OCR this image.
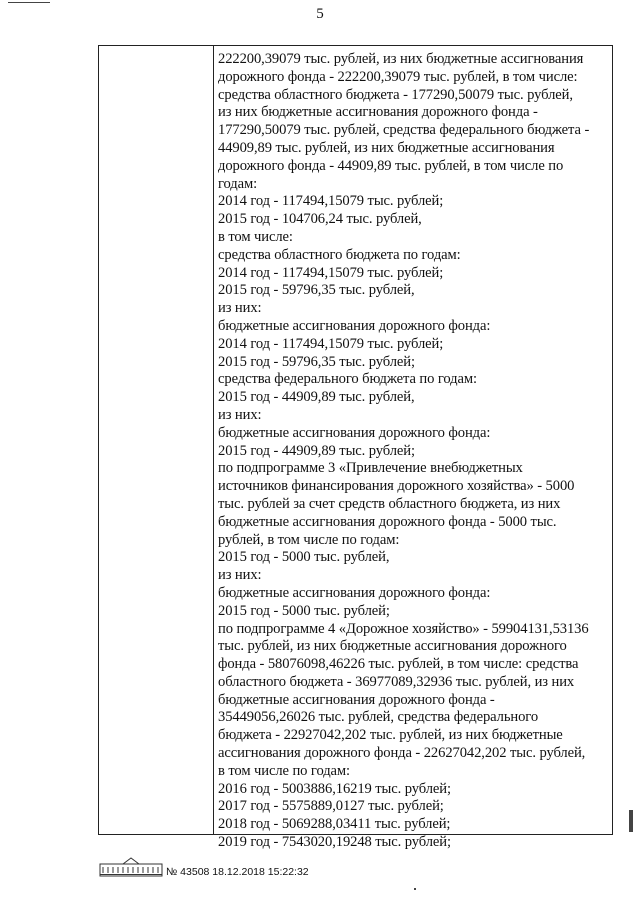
5
222200,39079 тыс. рублей, из них бюджетные ассигнования
дорожного фонда - 222200,39079 тыс. рублей, в том числе:
средства областного бюджета - 177290,50079 тыс. рублей,
из них бюджетные ассигнования дорожного фонда -
177290,50079 тыс. рублей, средства федерального бюджета -
44909,89 тыс. рублей, из них бюджетные ассигнования
дорожного фонда - 44909,89 тыс. рублей, в том числе по
годам:
2014 год - 117494,15079 тыс. рублей;
2015 год - 104706,24 тыс. рублей,
в том числе:
средства областного бюджета по годам:
2014 год - 117494,15079 тыс. рублей;
2015 год - 59796,35 тыс. рублей,
из них:
бюджетные ассигнования дорожного фонда:
2014 год - 117494,15079 тыс. рублей;
2015 год - 59796,35 тыс. рублей;
средства федерального бюджета по годам:
2015 год - 44909,89 тыс. рублей,
из них:
бюджетные ассигнования дорожного фонда:
2015 год - 44909,89 тыс. рублей;
по подпрограмме 3 «Привлечение внебюджетных
источников финансирования дорожного хозяйства» - 5000
тыс. рублей за счет средств областного бюджета, из них
бюджетные ассигнования дорожного фонда - 5000 тыс.
рублей, в том числе по годам:
2015 год - 5000 тыс. рублей,
из них:
бюджетные ассигнования дорожного фонда:
2015 год - 5000 тыс. рублей;
по подпрограмме 4 «Дорожное хозяйство» - 59904131,53136
тыс. рублей, из них бюджетные ассигнования дорожного
фонда - 58076098,46226 тыс. рублей, в том числе: средства
областного бюджета - 36977089,32936 тыс. рублей, из них
бюджетные ассигнования дорожного фонда -
35449056,26026 тыс. рублей, средства федерального
бюджета - 22927042,202 тыс. рублей, из них бюджетные
ассигнования дорожного фонда - 22627042,202 тыс. рублей,
в том числе по годам:
2016 год - 5003886,16219 тыс. рублей;
2017 год - 5575889,0127 тыс. рублей;
2018 год - 5069288,03411 тыс. рублей;
2019 год - 7543020,19248 тыс. рублей;
№ 43508 18.12.2018 15:22:32
